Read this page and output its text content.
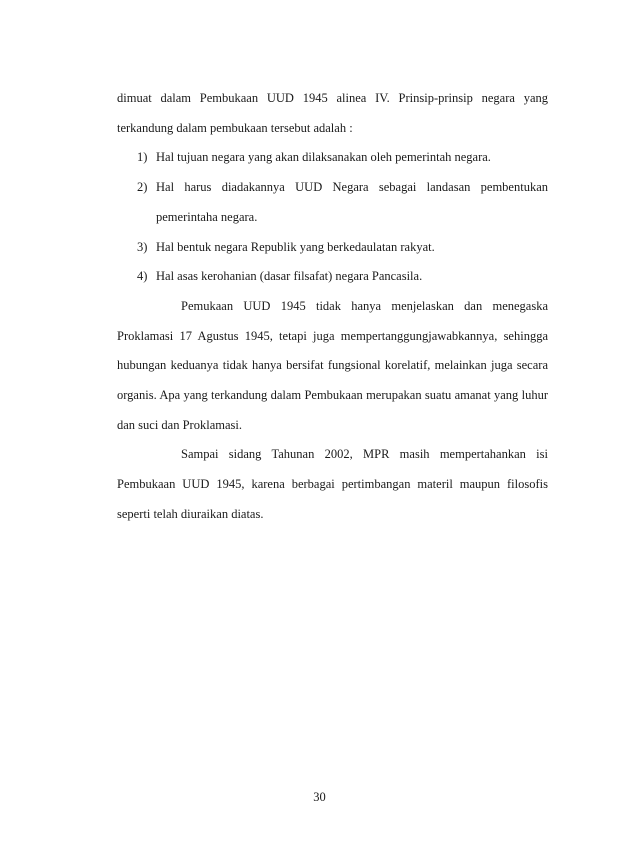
dimuat dalam Pembukaan UUD 1945 alinea IV. Prinsip-prinsip negara yang terkandung dalam pembukaan tersebut adalah :

1) Hal tujuan negara yang akan dilaksanakan oleh pemerintah negara.
2) Hal harus diadakannya UUD Negara sebagai landasan pembentukan pemerintaha negara.
3) Hal bentuk negara Republik yang berkedaulatan rakyat.
4) Hal asas kerohanian (dasar filsafat) negara Pancasila.

Pemukaan UUD 1945 tidak hanya menjelaskan dan menegaska Proklamasi 17 Agustus 1945, tetapi juga mempertanggungjawabkannya, sehingga hubungan keduanya tidak hanya bersifat fungsional korelatif, melainkan juga secara organis. Apa yang terkandung dalam Pembukaan merupakan suatu amanat yang luhur dan suci dan Proklamasi.

Sampai sidang Tahunan 2002, MPR masih mempertahankan isi Pembukaan UUD 1945, karena berbagai pertimbangan materil maupun filosofis seperti telah diuraikan diatas.

30
